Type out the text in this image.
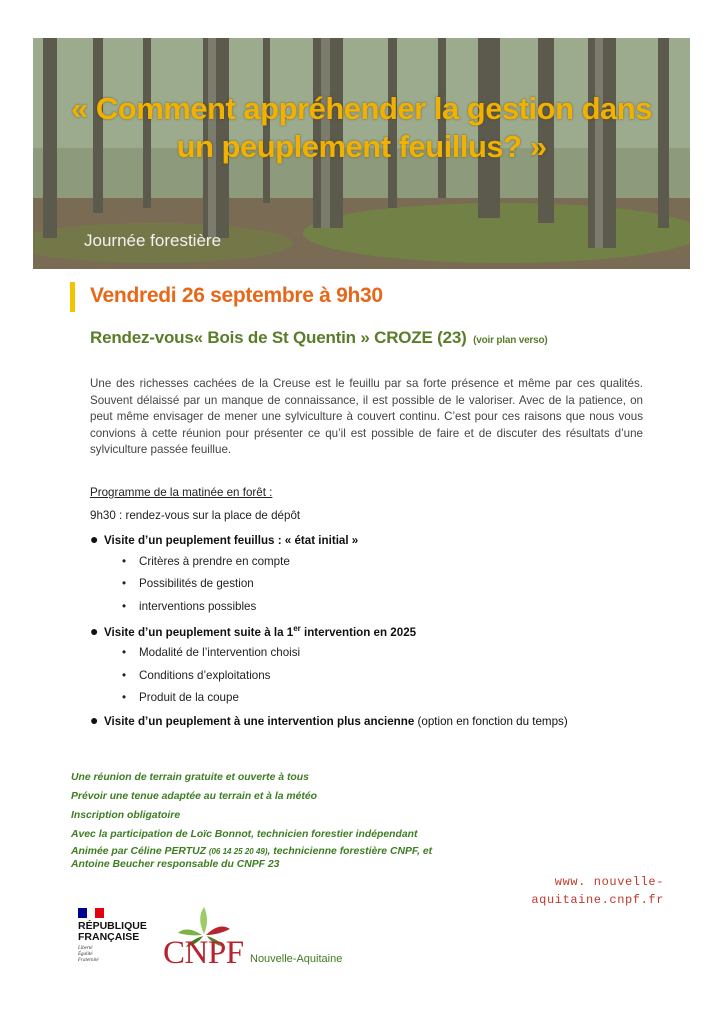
« Comment appréhender la gestion dans
un peuplement feuillus? »
Journée forestière
Vendredi 26 septembre à 9h30
Rendez-vous« Bois de St Quentin » CROZE (23) (voir plan verso)
Une des richesses cachées de la Creuse est le feuillu par sa forte présence et même par ces qualités. Souvent délaissé par un manque de connaissance, il est possible de le valoriser. Avec de la patience, on peut même envisager de mener une sylviculture à couvert continu. C’est pour ces raisons que nous vous convions à cette réunion pour présenter ce qu’il est possible de faire et de discuter des résultats d’une sylviculture passée feuillue.
Programme de la matinée en forêt :
9h30 : rendez-vous sur la place de dépôt
● Visite d’un peuplement feuillus : « état initial »
• Critères à prendre en compte
• Possibilités de gestion
• interventions possibles
● Visite d’un peuplement suite à la 1er intervention en 2025
• Modalité de l’intervention choisi
• Conditions d’exploitations
• Produit de la coupe
● Visite d’un peuplement à une intervention plus ancienne (option en fonction du temps)
Une réunion de terrain gratuite et ouverte à tous
Prévoir une tenue adaptée au terrain et à la météo
Inscription obligatoire
Avec la participation de Loïc Bonnot, technicien forestier indépendant
Animée par Céline PERTUZ (06 14 25 20 49), technicienne forestière CNPF, et
Antoine Beucher responsable du CNPF 23
www. nouvelle-
aquitaine.cnpf.fr
RÉPUBLIQUE
FRANÇAISE
Liberté
Égalité
Fraternité	CNPF Nouvelle-Aquitaine
